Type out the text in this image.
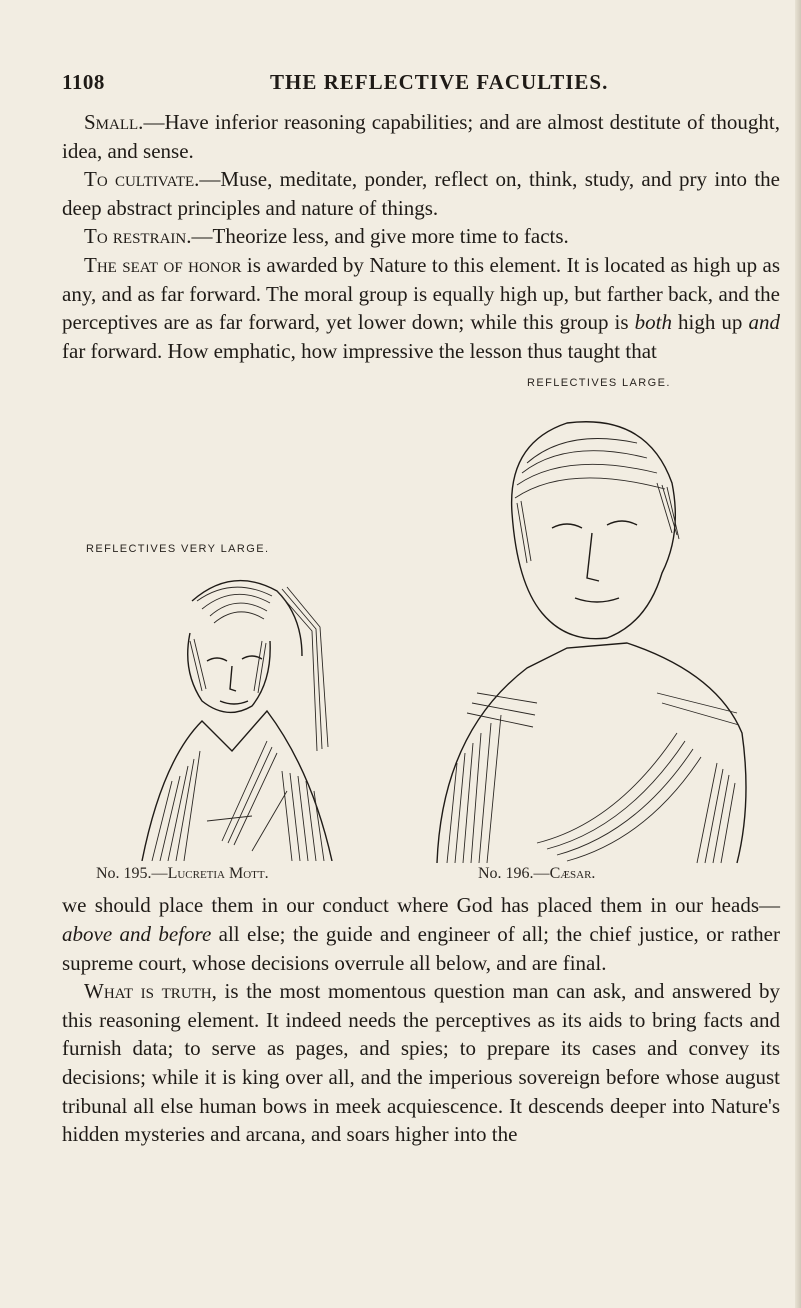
1108	THE REFLECTIVE FACULTIES.

Small.—Have inferior reasoning capabilities; and are almost destitute of thought, idea, and sense.

To cultivate.—Muse, meditate, ponder, reflect on, think, study, and pry into the deep abstract principles and nature of things.

To restrain.—Theorize less, and give more time to facts.

The seat of honor is awarded by Nature to this element. It is located as high up as any, and as far forward. The moral group is equally high up, but farther back, and the perceptives are as far forward, yet lower down; while this group is both high up and far forward. How emphatic, how impressive the lesson thus taught that

REFLECTIVES LARGE.
REFLECTIVES VERY LARGE.
No. 195.—Lucretia Mott.	No. 196.—Cæsar.

we should place them in our conduct where God has placed them in our heads—above and before all else; the guide and engineer of all; the chief justice, or rather supreme court, whose decisions overrule all below, and are final.

What is truth, is the most momentous question man can ask, and answered by this reasoning element. It indeed needs the perceptives as its aids to bring facts and furnish data; to serve as pages, and spies; to prepare its cases and convey its decisions; while it is king over all, and the imperious sovereign before whose august tribunal all else human bows in meek acquiescence. It descends deeper into Nature's hidden mysteries and arcana, and soars higher into the
